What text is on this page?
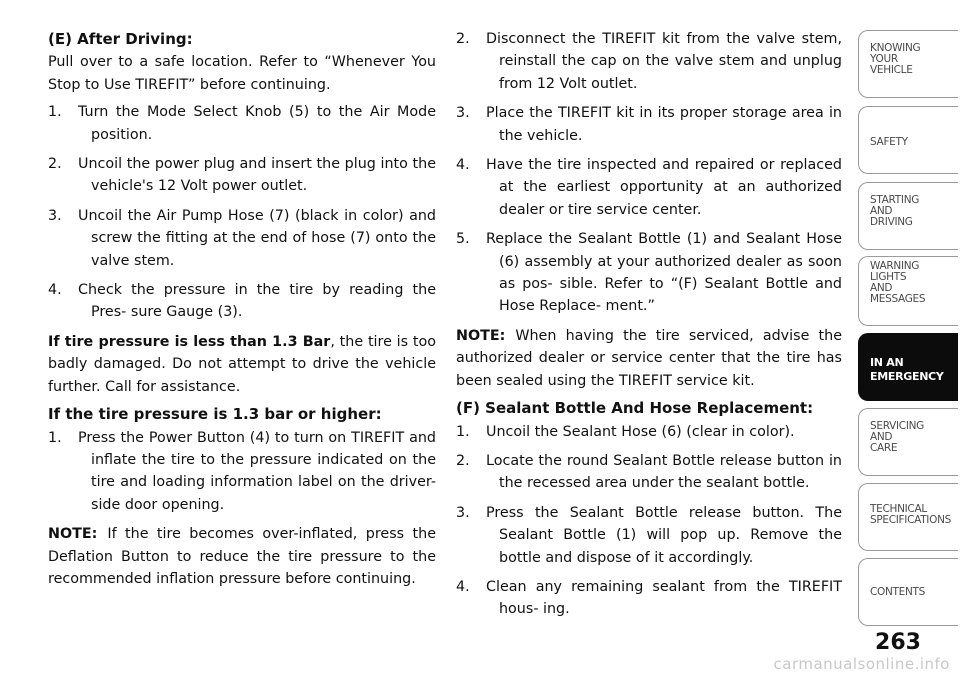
(E) After Driving:
Pull over to a safe location. Refer to “Whenever You Stop to Use TIREFIT” before continuing.
1. Turn the Mode Select Knob (5) to the Air Mode position.
2. Uncoil the power plug and insert the plug into the vehicle's 12 Volt power outlet.
3. Uncoil the Air Pump Hose (7) (black in color) and screw the fitting at the end of hose (7) onto the valve stem.
4. Check the pressure in the tire by reading the Pres- sure Gauge (3).
If tire pressure is less than 1.3 Bar, the tire is too badly damaged. Do not attempt to drive the vehicle further. Call for assistance.
If the tire pressure is 1.3 bar or higher:
1. Press the Power Button (4) to turn on TIREFIT and inflate the tire to the pressure indicated on the tire and loading information label on the driver-side door opening.
NOTE: If the tire becomes over-inflated, press the Deflation Button to reduce the tire pressure to the recommended inflation pressure before continuing.
2. Disconnect the TIREFIT kit from the valve stem, reinstall the cap on the valve stem and unplug from 12 Volt outlet.
3. Place the TIREFIT kit in its proper storage area in the vehicle.
4. Have the tire inspected and repaired or replaced at the earliest opportunity at an authorized dealer or tire service center.
5. Replace the Sealant Bottle (1) and Sealant Hose (6) assembly at your authorized dealer as soon as pos- sible. Refer to “(F) Sealant Bottle and Hose Replace- ment.”
NOTE: When having the tire serviced, advise the authorized dealer or service center that the tire has been sealed using the TIREFIT service kit.
(F) Sealant Bottle And Hose Replacement:
1. Uncoil the Sealant Hose (6) (clear in color).
2. Locate the round Sealant Bottle release button in the recessed area under the sealant bottle.
3. Press the Sealant Bottle release button. The Sealant Bottle (1) will pop up. Remove the bottle and dispose of it accordingly.
4. Clean any remaining sealant from the TIREFIT hous- ing.
KNOWING
YOUR
VEHICLE
SAFETY
STARTING
AND
DRIVING
WARNING
LIGHTS
AND
MESSAGES
IN AN
EMERGENCY
SERVICING
AND
CARE
TECHNICAL
SPECIFICATIONS
CONTENTS
263
carmanualsonline.info
